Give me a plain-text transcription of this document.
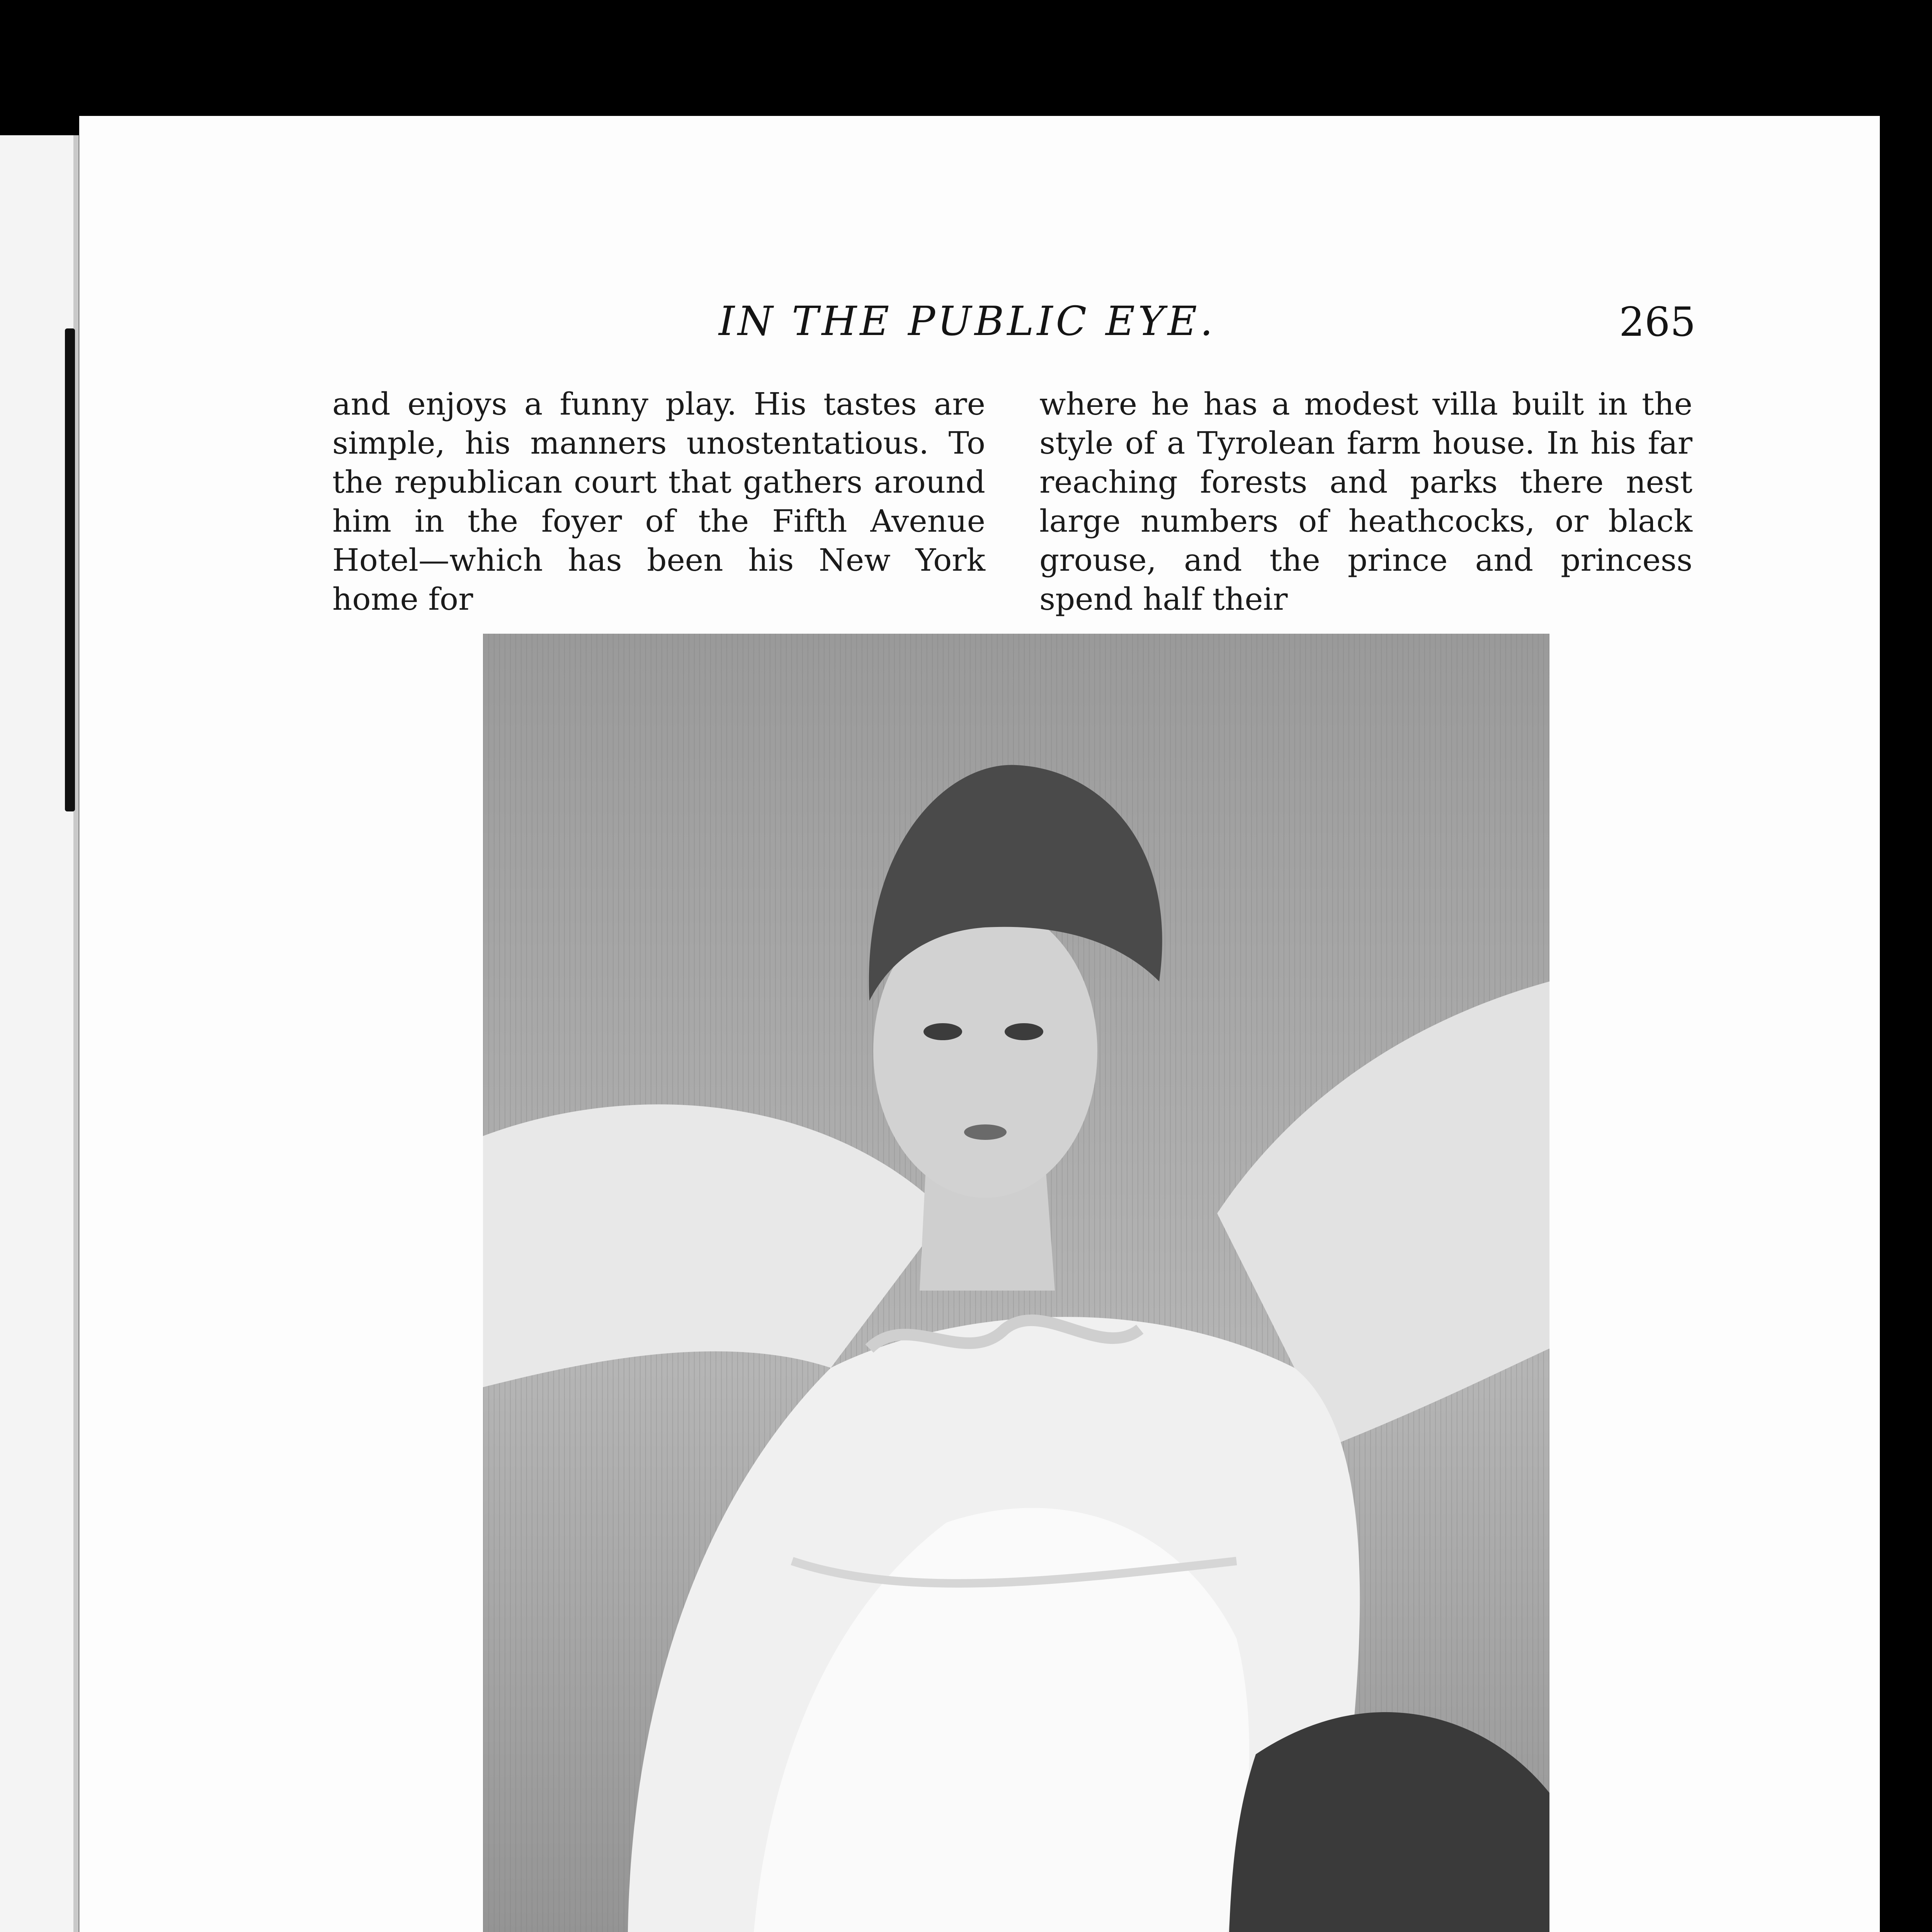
IN THE PUBLIC EYE.	265

and enjoys a funny play. His tastes are simple, his manners unostentatious. To the republican court that gathers around him in the foyer of the Fifth Avenue Hotel—which has been his New York home for

where he has a modest villa built in the style of a Tyrolean farm house. In his far reaching forests and parks there nest large numbers of heathcocks, or black grouse, and the prince and princess spend half their
